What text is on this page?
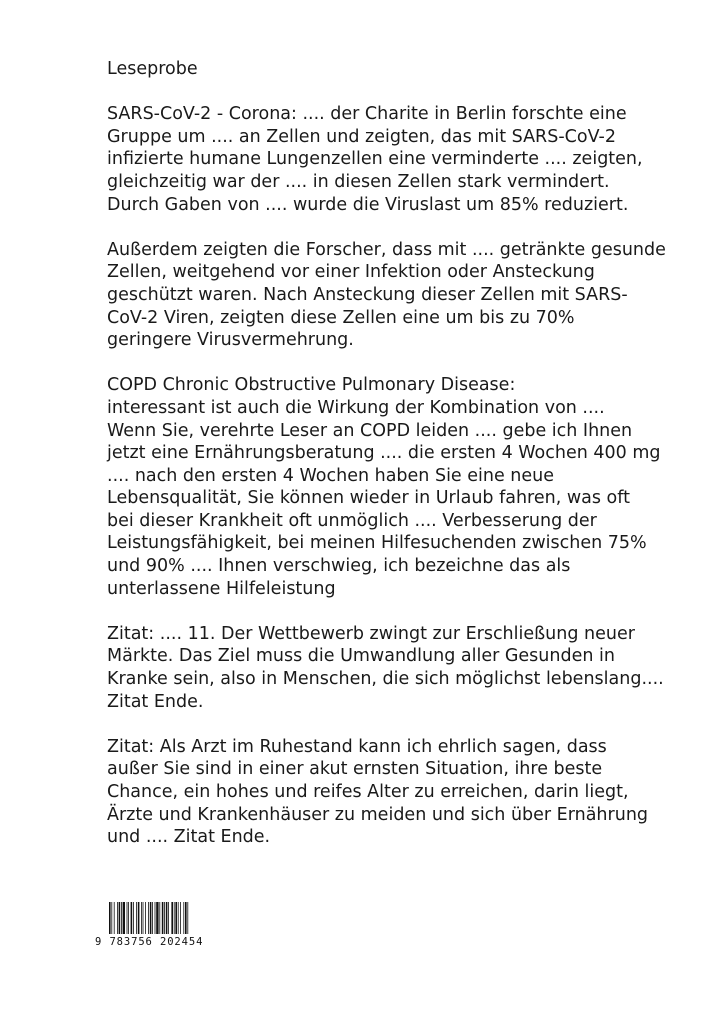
Leseprobe

SARS-CoV-2 - Corona: .... der Charite in Berlin forschte eine
Gruppe um .... an Zellen und zeigten, das mit SARS-CoV-2
infizierte humane Lungenzellen eine verminderte .... zeigten,
gleichzeitig war der .... in diesen Zellen stark vermindert.
Durch Gaben von .... wurde die Viruslast um 85% reduziert.

Außerdem zeigten die Forscher, dass mit .... getränkte gesunde
Zellen, weitgehend vor einer Infektion oder Ansteckung
geschützt waren. Nach Ansteckung dieser Zellen mit SARS-
CoV-2 Viren, zeigten diese Zellen eine um bis zu 70%
geringere Virusvermehrung.

COPD Chronic Obstructive Pulmonary Disease:
interessant ist auch die Wirkung der Kombination von ....
Wenn Sie, verehrte Leser an COPD leiden .... gebe ich Ihnen
jetzt eine Ernährungsberatung .... die ersten 4 Wochen 400 mg
.... nach den ersten 4 Wochen haben Sie eine neue
Lebensqualität, Sie können wieder in Urlaub fahren, was oft
bei dieser Krankheit oft unmöglich .... Verbesserung der
Leistungsfähigkeit, bei meinen Hilfesuchenden zwischen 75%
und 90% .... Ihnen verschwieg, ich bezeichne das als
unterlassene Hilfeleistung

Zitat: .... 11. Der Wettbewerb zwingt zur Erschließung neuer
Märkte. Das Ziel muss die Umwandlung aller Gesunden in
Kranke sein, also in Menschen, die sich möglichst lebenslang....
Zitat Ende.

Zitat: Als Arzt im Ruhestand kann ich ehrlich sagen, dass
außer Sie sind in einer akut ernsten Situation, ihre beste
Chance, ein hohes und reifes Alter zu erreichen, darin liegt,
Ärzte und Krankenhäuser zu meiden und sich über Ernährung
und .... Zitat Ende.

9 783756 202454
